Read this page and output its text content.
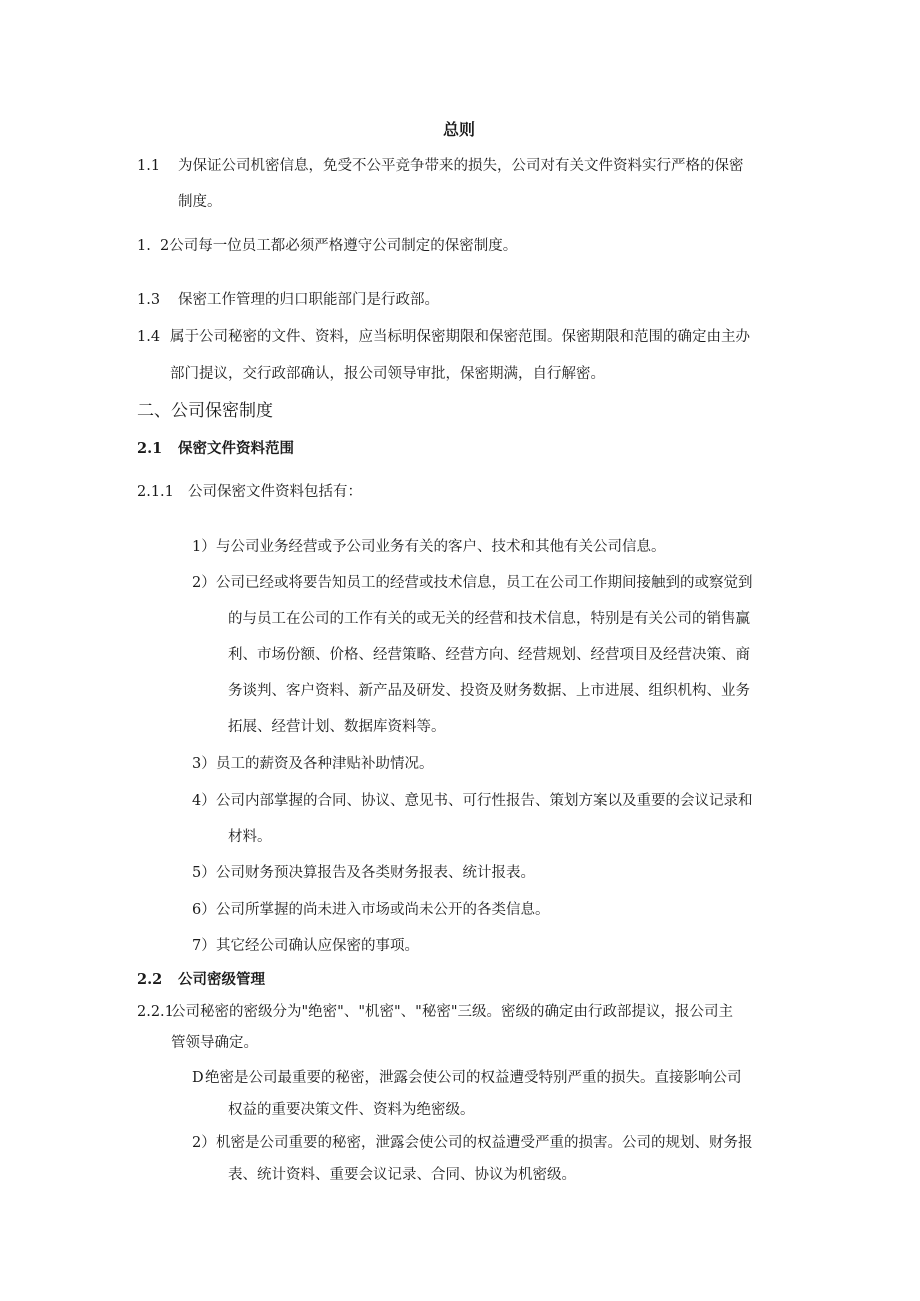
总则
1.1	为保证公司机密信息，免受不公平竞争带来的损失，公司对有关文件资料实行严格的保密
制度。
1. 2公司每一位员工都必须严格遵守公司制定的保密制度。
1.3	保密工作管理的归口职能部门是行政部。
1.4 属于公司秘密的文件、资料，应当标明保密期限和保密范围。保密期限和范围的确定由主办
部门提议，交行政部确认，报公司领导审批，保密期满，自行解密。
二、公司保密制度
2.1 保密文件资料范围
2.1.1 公司保密文件资料包括有：
1） 与公司业务经营或予公司业务有关的客户、技术和其他有关公司信息。
2） 公司已经或将要告知员工的经营或技术信息，员工在公司工作期间接触到的或察觉到
的与员工在公司的工作有关的或无关的经营和技术信息，特别是有关公司的销售赢
利、市场份额、价格、经营策略、经营方向、经营规划、经营项目及经营决策、商
务谈判、客户资料、新产品及研发、投资及财务数据、上市进展、组织机构、业务
拓展、经营计划、数据库资料等。
3） 员工的薪资及各种津贴补助情况。
4） 公司内部掌握的合同、协议、意见书、可行性报告、策划方案以及重要的会议记录和
材料。
5） 公司财务预决算报告及各类财务报表、统计报表。
6） 公司所掌握的尚未进入市场或尚未公开的各类信息。
7） 其它经公司确认应保密的事项。
2.2 公司密级管理
2.2.1
公司秘密的密级分为"绝密"、"机密"、"秘密"三级。密级的确定由行政部提议，报公司主
管领导确定。
D 绝密是公司最重要的秘密，泄露会使公司的权益遭受特别严重的损失。直接影响公司
权益的重要决策文件、资料为绝密级。
2） 机密是公司重要的秘密，泄露会使公司的权益遭受严重的损害。公司的规划、财务报
表、统计资料、重要会议记录、合同、协议为机密级。
